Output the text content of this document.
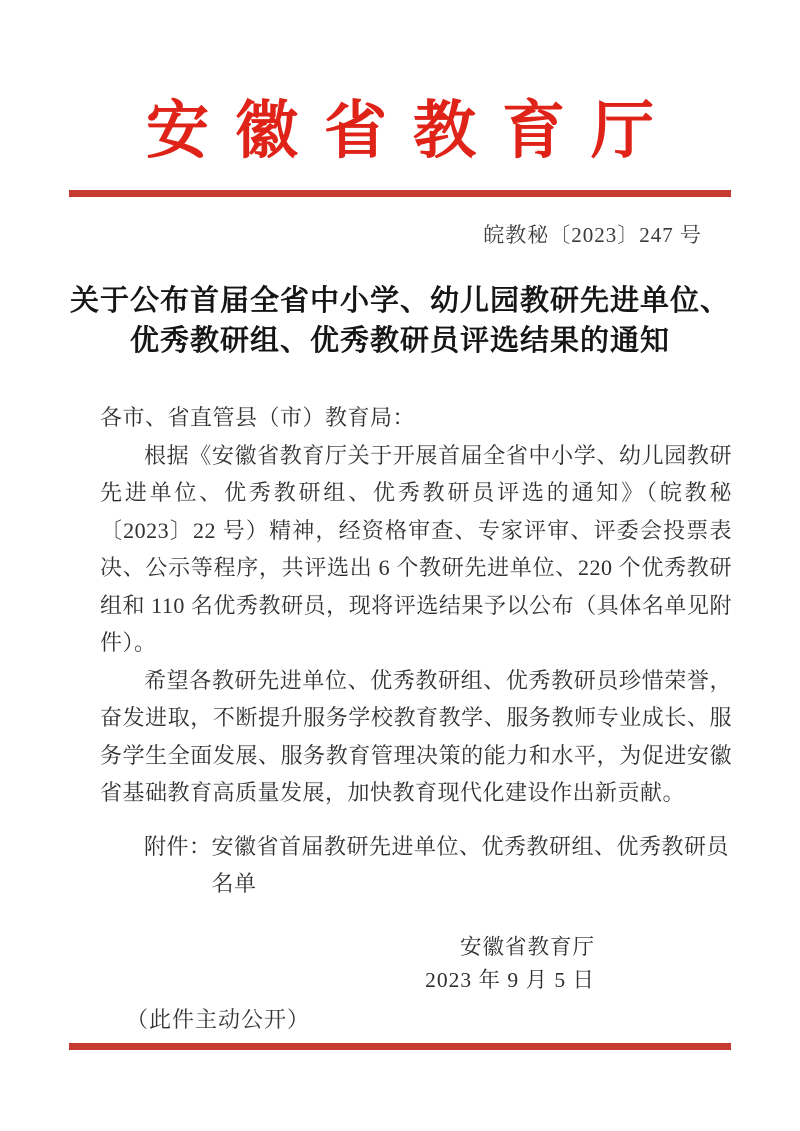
安徽省教育厅
皖教秘〔2023〕247 号
关于公布首届全省中小学、幼儿园教研先进单位、
优秀教研组、优秀教研员评选结果的通知
各市、省直管县（市）教育局：
根据《安徽省教育厅关于开展首届全省中小学、幼儿园教研先进单位、优秀教研组、优秀教研员评选的通知》（皖教秘〔2023〕22 号）精神，经资格审查、专家评审、评委会投票表决、公示等程序，共评选出 6 个教研先进单位、220 个优秀教研组和 110 名优秀教研员，现将评选结果予以公布（具体名单见附件）。
希望各教研先进单位、优秀教研组、优秀教研员珍惜荣誉，奋发进取，不断提升服务学校教育教学、服务教师专业成长、服务学生全面发展、服务教育管理决策的能力和水平，为促进安徽省基础教育高质量发展，加快教育现代化建设作出新贡献。
附件： 安徽省首届教研先进单位、优秀教研组、优秀教研员
名单
安徽省教育厅
2023 年 9 月 5 日
（此件主动公开）
